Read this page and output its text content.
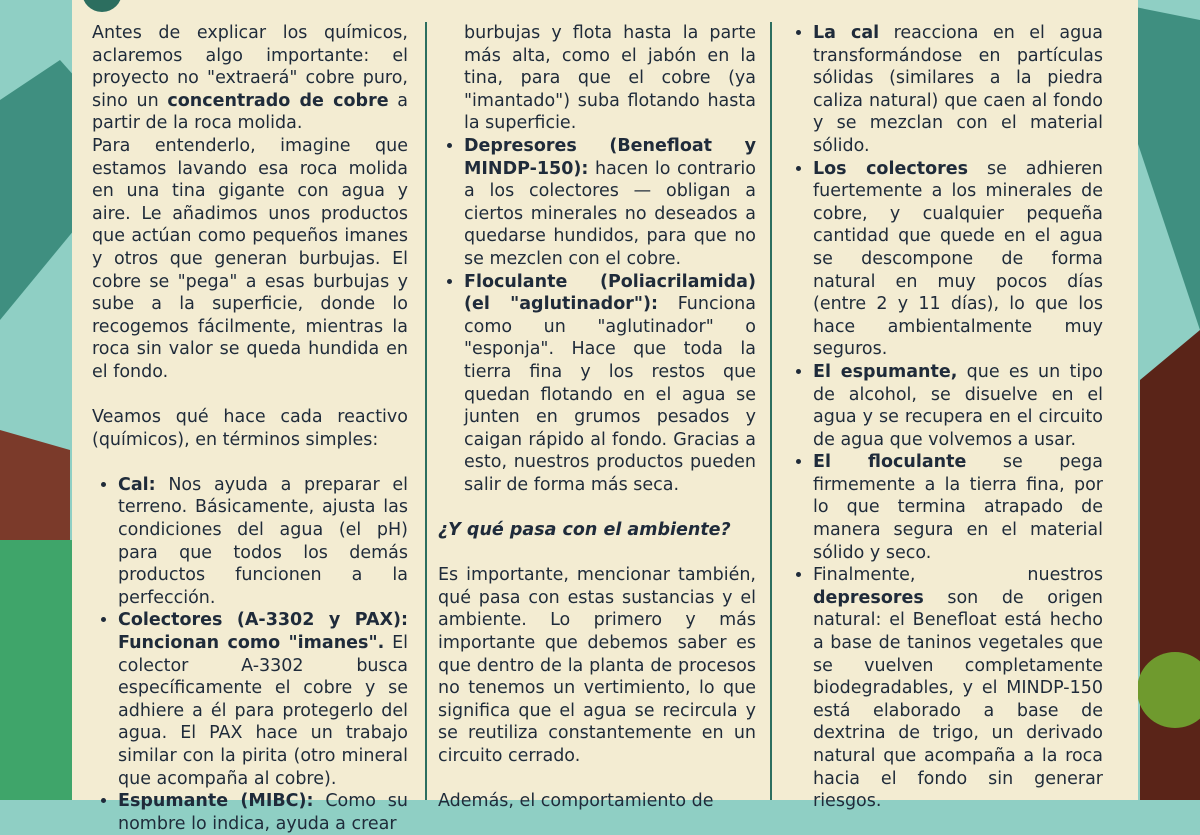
Antes de explicar los químicos, aclaremos algo importante: el proyecto no "extraerá" cobre puro, sino un concentrado de cobre a partir de la roca molida.

Para entenderlo, imagine que estamos lavando esa roca molida en una tina gigante con agua y aire. Le añadimos unos productos que actúan como pequeños imanes y otros que generan burbujas. El cobre se "pega" a esas burbujas y sube a la superficie, donde lo recogemos fácilmente, mientras la roca sin valor se queda hundida en el fondo.

Veamos qué hace cada reactivo (químicos), en términos simples:

• Cal: Nos ayuda a preparar el terreno. Básicamente, ajusta las condiciones del agua (el pH) para que todos los demás productos funcionen a la perfección.
• Colectores (A-3302 y PAX): Funcionan como "imanes". El colector A-3302 busca específicamente el cobre y se adhiere a él para protegerlo del agua. El PAX hace un trabajo similar con la pirita (otro mineral que acompaña al cobre).
• Espumante (MIBC): Como su nombre lo indica, ayuda a crear

burbujas y flota hasta la parte más alta, como el jabón en la tina, para que el cobre (ya "imantado") suba flotando hasta la superficie.

• Depresores (Benefloat y MINDP-150): hacen lo contrario a los colectores — obligan a ciertos minerales no deseados a quedarse hundidos, para que no se mezclen con el cobre.
• Floculante (Poliacrilamida) (el "aglutinador"): Funciona como un "aglutinador" o "esponja". Hace que toda la tierra fina y los restos que quedan flotando en el agua se junten en grumos pesados y caigan rápido al fondo. Gracias a esto, nuestros productos pueden salir de forma más seca.

¿Y qué pasa con el ambiente?

Es importante, mencionar también, qué pasa con estas sustancias y el ambiente. Lo primero y más importante que debemos saber es que dentro de la planta de procesos no tenemos un vertimiento, lo que significa que el agua se recircula y se reutiliza constantemente en un circuito cerrado.

Además, el comportamiento de

• La cal reacciona en el agua transformándose en partículas sólidas (similares a la piedra caliza natural) que caen al fondo y se mezclan con el material sólido.
• Los colectores se adhieren fuertemente a los minerales de cobre, y cualquier pequeña cantidad que quede en el agua se descompone de forma natural en muy pocos días (entre 2 y 11 días), lo que los hace ambientalmente muy seguros.
• El espumante, que es un tipo de alcohol, se disuelve en el agua y se recupera en el circuito de agua que volvemos a usar.
• El floculante se pega firmemente a la tierra fina, por lo que termina atrapado de manera segura en el material sólido y seco.
• Finalmente, nuestros depresores son de origen natural: el Benefloat está hecho a base de taninos vegetales que se vuelven completamente biodegradables, y el MINDP-150 está elaborado a base de dextrina de trigo, un derivado natural que acompaña a la roca hacia el fondo sin generar riesgos.
